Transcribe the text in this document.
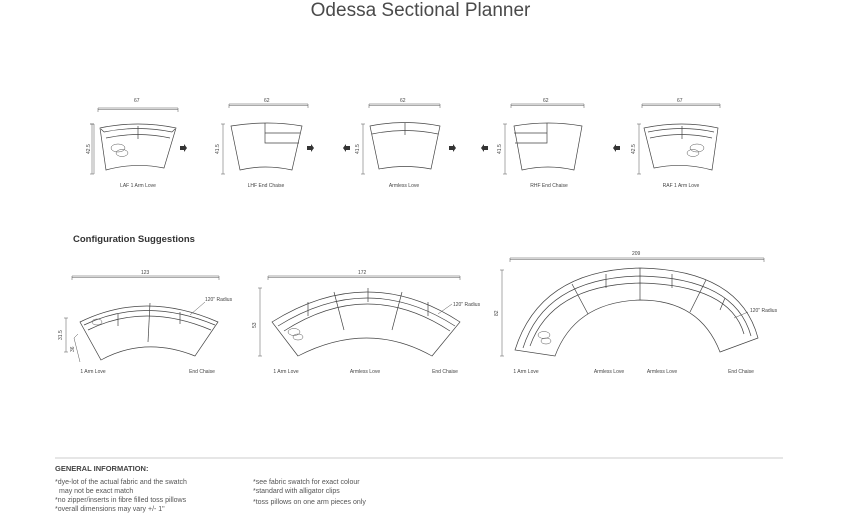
Odessa Sectional Planner
67
42.5
LAF 1 Arm Love
62
41.5
LHF End Chaise
62
41.5
Armless Love
62
41.5
RHF End Chaise
67
42.5
RAF 1 Arm Love
Configuration Suggestions
123
31.5
36
120" Radius
1 Arm Love	End Chaise
172
53
120" Radius
1 Arm Love	Armless Love	End Chaise
209
82	120" Radius
1 Arm Love	Armless Love	Armless Love	End Chaise
GENERAL INFORMATION:
*dye-lot of the actual fabric and the swatch
may not be exact match
*no zipper/inserts in fibre filled toss pillows
*overall dimensions may vary +/- 1"
*see fabric swatch for exact colour
*standard with alligator clips
*toss pillows on one arm pieces only
